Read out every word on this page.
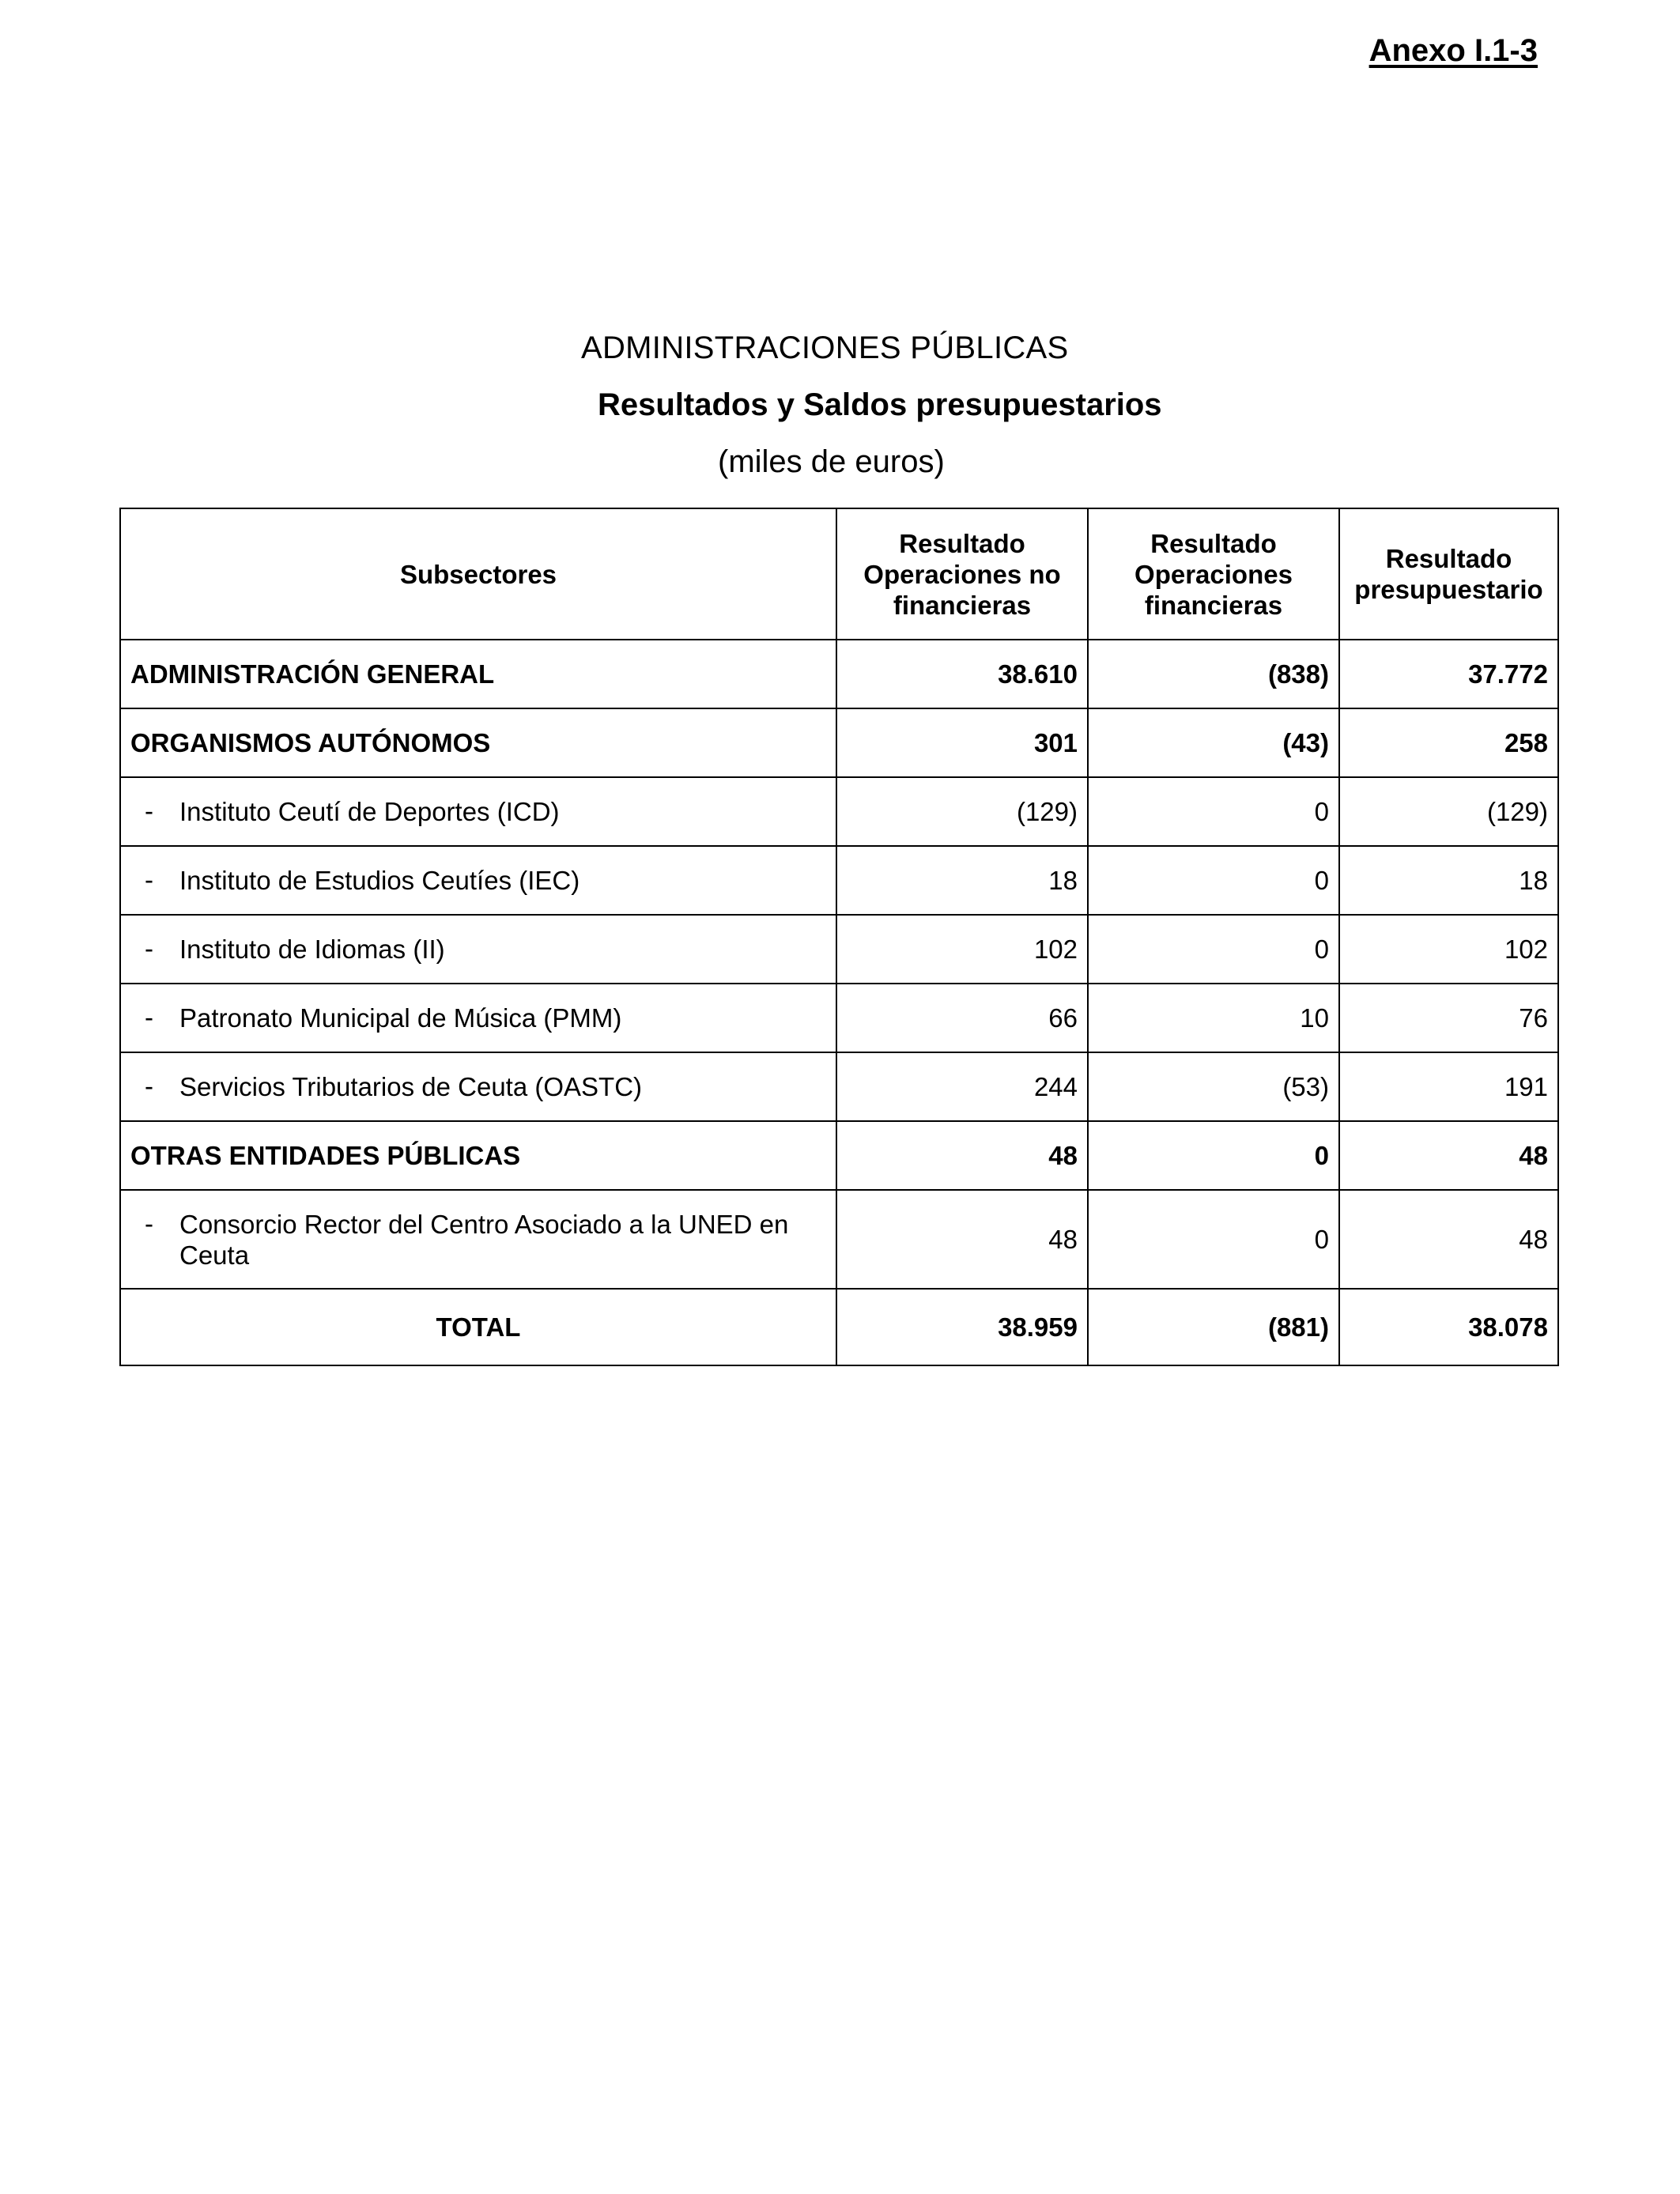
Anexo I.1-3
ADMINISTRACIONES PÚBLICAS
Resultados y Saldos presupuestarios
(miles de euros)
Subsectores	Resultado Operaciones no financieras	Resultado Operaciones financieras	Resultado presupuestario
ADMINISTRACIÓN GENERAL	38.610	(838)	37.772
ORGANISMOS AUTÓNOMOS	301	(43)	258

- Instituto Ceutí de Deportes (ICD)	(129)	0	(129)

- Instituto de Estudios Ceutíes (IEC)	18	0	18

- Instituto de Idiomas (II)	102	0	102

- Patronato Municipal de Música (PMM)	66	10	76

- Servicios Tributarios de Ceuta (OASTC)	244	(53)	191
OTRAS ENTIDADES PÚBLICAS	48	0	48

- Consorcio Rector del Centro Asociado a la UNED en Ceuta	48	0	48
TOTAL	38.959	(881)	38.078
